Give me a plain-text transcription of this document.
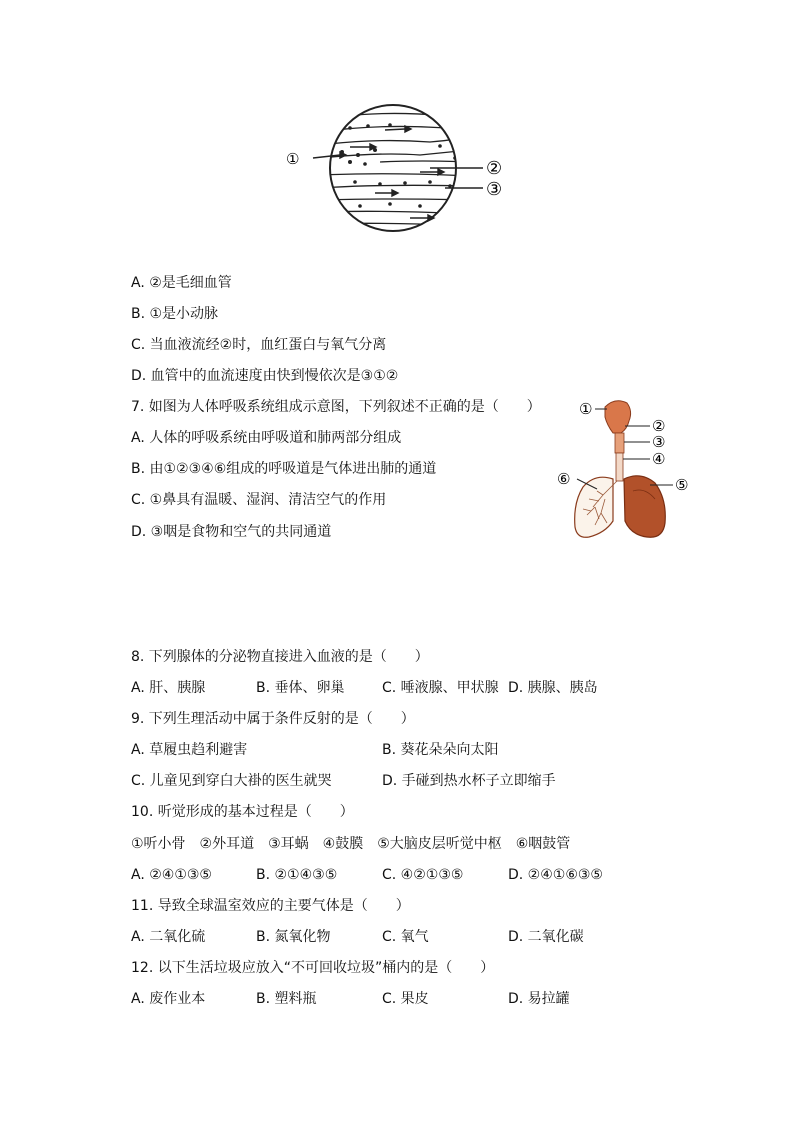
①	②
③
A. ②是毛细血管
B. ①是小动脉
C. 当血液流经②时，血红蛋白与氧气分离
D. 血管中的血流速度由快到慢依次是③①②
7. 如图为人体呼吸系统组成示意图，下列叙述不正确的是（　　）
A. 人体的呼吸系统由呼吸道和肺两部分组成
B. 由①②③④⑥组成的呼吸道是气体进出肺的通道
C. ①鼻具有温暖、湿润、清洁空气的作用
D. ③咽是食物和空气的共同通道
①
②
③
④
⑤
⑥
8. 下列腺体的分泌物直接进入血液的是（　　）
A. 肝、胰腺	B. 垂体、卵巢	C. 唾液腺、甲状腺 D. 胰腺、胰岛
9. 下列生理活动中属于条件反射的是（　　）
A. 草履虫趋利避害	B. 葵花朵朵向太阳
C. 儿童见到穿白大褂的医生就哭	D. 手碰到热水杯子立即缩手
10. 听觉形成的基本过程是（　　）
①听小骨　②外耳道　③耳蜗　④鼓膜　⑤大脑皮层听觉中枢　⑥咽鼓管
A. ②④①③⑤	B. ②①④③⑤	C. ④②①③⑤	D. ②④①⑥③⑤
11. 导致全球温室效应的主要气体是（　　）
A. 二氧化硫	B. 氮氧化物	C. 氧气	D. 二氧化碳
12. 以下生活垃圾应放入“不可回收垃圾”桶内的是（　　）
A. 废作业本	B. 塑料瓶	C. 果皮	D. 易拉罐
